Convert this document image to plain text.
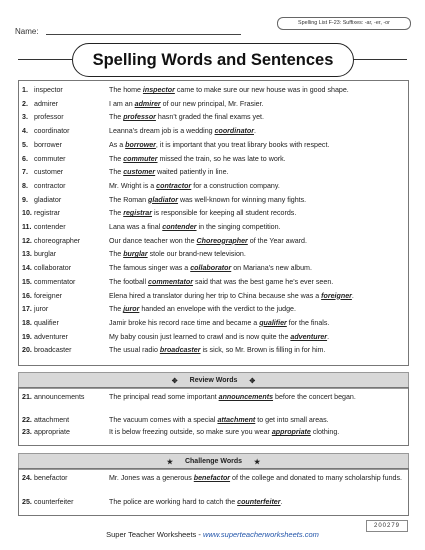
Name:
Spelling List F-23: Suffixes: -ar, -er, -or
Spelling Words and Sentences
1. inspector	The home inspector came to make sure our new house was in good shape.
2. admirer	I am an admirer of our new principal, Mr. Frasier.
3. professor	The professor hasn’t graded the final exams yet.
4. coordinator	Leanna’s dream job is a wedding coordinator.
5. borrower	As a borrower, it is important that you treat library books with respect.
6. commuter	The commuter missed the train, so he was late to work.
7. customer	The customer waited patiently in line.
8. contractor	Mr. Wright is a contractor for a construction company.
9. gladiator	The Roman gladiator was well-known for winning many fights.
10. registrar	The registrar is responsible for keeping all student records.
11. contender	Lana was a final contender in the singing competition.
12. choreographer	Our dance teacher won the Choreographer of the Year award.
13. burglar	The burglar stole our brand-new television.
14. collaborator	The famous singer was a collaborator on Mariana’s new album.
15. commentator	The football commentator said that was the best game he’s ever seen.
16. foreigner	Elena hired a translator during her trip to China because she was a foreigner.
17. juror	The juror handed an envelope with the verdict to the judge.
18. qualifier	Jamir broke his record race time and became a qualifier for the finals.
19. adventurer	My baby cousin just learned to crawl and is now quite the adventurer.
20. broadcaster	The usual radio broadcaster is sick, so Mr. Brown is filling in for him.
✥ Review Words ✥
21. announcements	The principal read some important announcements before the concert began.
22. attachment	The vacuum comes with a special attachment to get into small areas.
23. appropriate	It is below freezing outside, so make sure you wear appropriate clothing.
★ Challenge Words ★
24. benefactor	Mr. Jones was a generous benefactor of the college and donated to many scholarship funds.
25. counterfeiter	The police are working hard to catch the counterfeiter.
Super Teacher Worksheets - www.superteacherworksheets.com
200279
